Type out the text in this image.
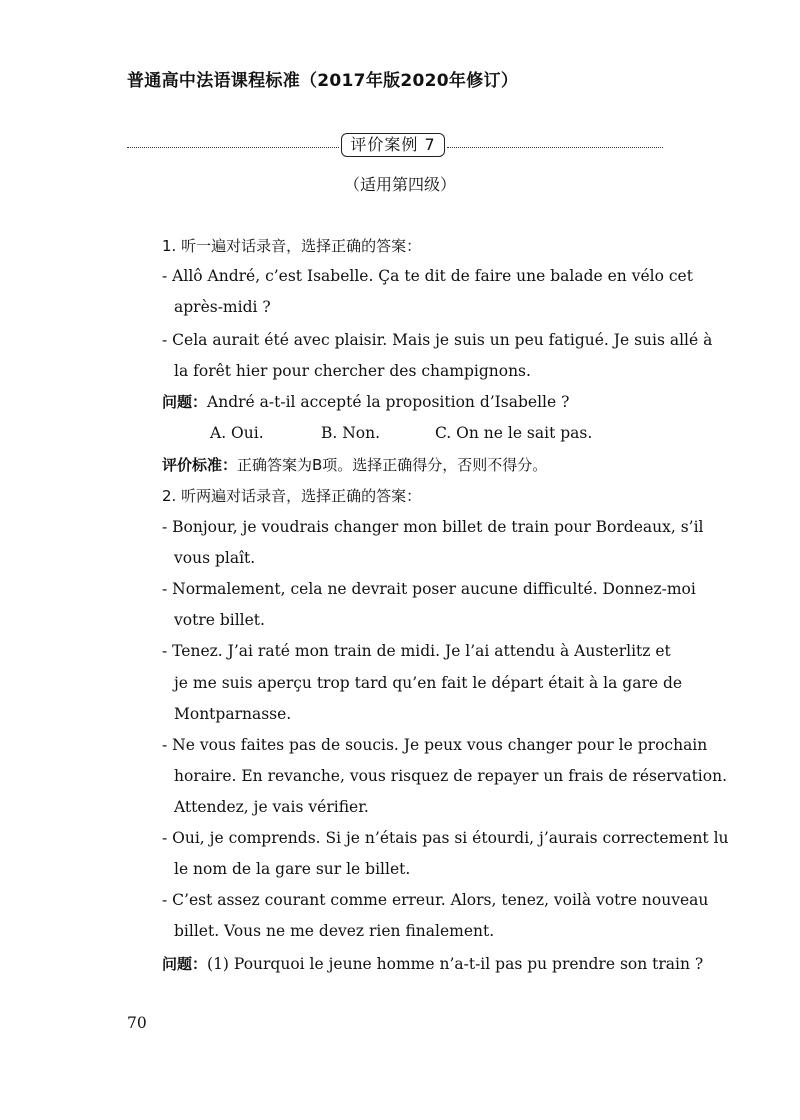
普通高中法语课程标准（2017年版2020年修订）
评价案例 7
（适用第四级）
1. 听一遍对话录音，选择正确的答案：
- Allô André, c’est Isabelle. Ça te dit de faire une balade en vélo cet
après-midi ?
- Cela aurait été avec plaisir. Mais je suis un peu fatigué. Je suis allé à
la forêt hier pour chercher des champignons.
问题：André a-t-il accepté la proposition d’Isabelle ?
A. Oui.	B. Non.	C. On ne le sait pas.
评价标准：正确答案为B项。选择正确得分，否则不得分。
2. 听两遍对话录音，选择正确的答案：
- Bonjour, je voudrais changer mon billet de train pour Bordeaux, s’il
vous plaît.
- Normalement, cela ne devrait poser aucune difficulté. Donnez-moi
votre billet.
- Tenez. J’ai raté mon train de midi. Je l’ai attendu à Austerlitz et
je me suis aperçu trop tard qu’en fait le départ était à la gare de
Montparnasse.
- Ne vous faites pas de soucis. Je peux vous changer pour le prochain
horaire. En revanche, vous risquez de repayer un frais de réservation.
Attendez, je vais vérifier.
- Oui, je comprends. Si je n’étais pas si étourdi, j’aurais correctement lu
le nom de la gare sur le billet.
- C’est assez courant comme erreur. Alors, tenez, voilà votre nouveau
billet. Vous ne me devez rien finalement.
问题：(1) Pourquoi le jeune homme n’a-t-il pas pu prendre son train ?
70
